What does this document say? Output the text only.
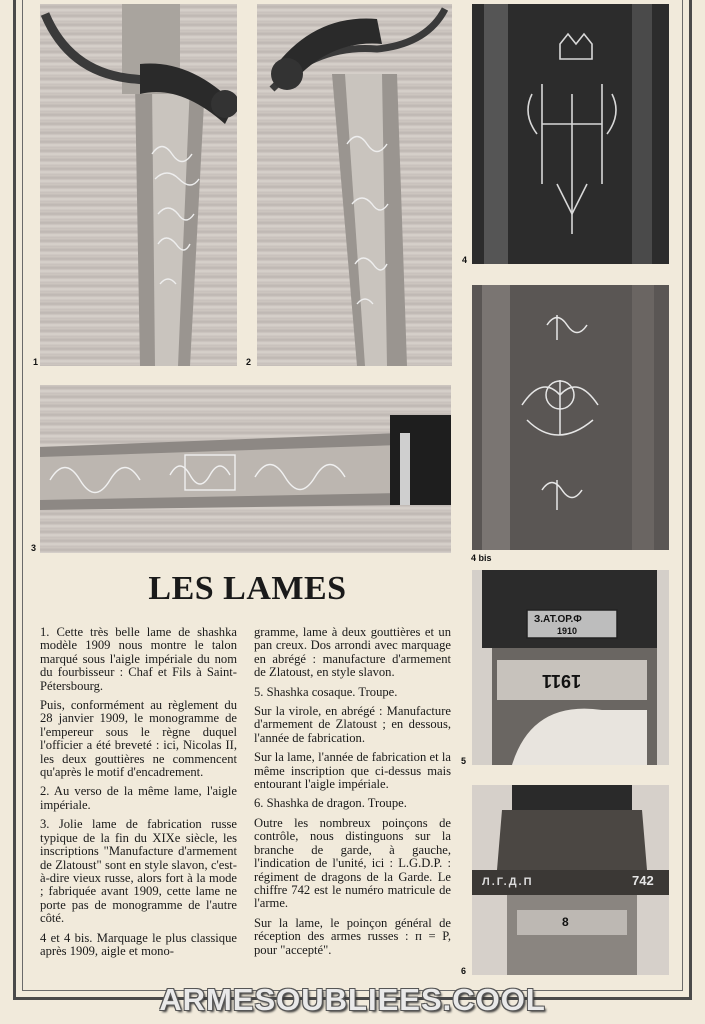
1	2
4
4 bis
3
З.АТ.ОР.Ф
1910
1911
5
Л.Г.Д.П	742
8
6
LES LAMES

1. Cette très belle lame de shashka modèle 1909 nous montre le talon marqué sous l'aigle impériale du nom du fourbisseur : Chaf et Fils à Saint-Pétersbourg.

Puis, conformément au règlement du 28 janvier 1909, le monogramme de l'empereur sous le règne duquel l'officier a été breveté : ici, Nicolas II, les deux gouttières ne commencent qu'après le motif d'encadrement.

2. Au verso de la même lame, l'aigle impériale.

3. Jolie lame de fabrication russe typique de la fin du XIXe siècle, les inscriptions "Manufacture d'armement de Zlatoust" sont en style slavon, c'est-à-dire vieux russe, alors fort à la mode ; fabriquée avant 1909, cette lame ne porte pas de monogramme de l'autre côté.

4 et 4 bis. Marquage le plus classique après 1909, aigle et mono-

gramme, lame à deux gouttières et un pan creux. Dos arrondi avec marquage en abrégé : manufacture d'armement de Zlatoust, en style slavon.

5. Shashka cosaque. Troupe.

Sur la virole, en abrégé : Manufacture d'armement de Zlatoust ; en dessous, l'année de fabrication.

Sur la lame, l'année de fabrication et la même inscription que ci-dessus mais entourant l'aigle impériale.

6. Shashka de dragon. Troupe.

Outre les nombreux poinçons de contrôle, nous distinguons sur la branche de garde, à gauche, l'indication de l'unité, ici : L.G.D.P. : régiment de dragons de la Garde. Le chiffre 742 est le numéro matricule de l'arme.

Sur la lame, le poinçon général de réception des armes russes : п = P, pour "accepté".

ARMESOUBLIEES.COOL
